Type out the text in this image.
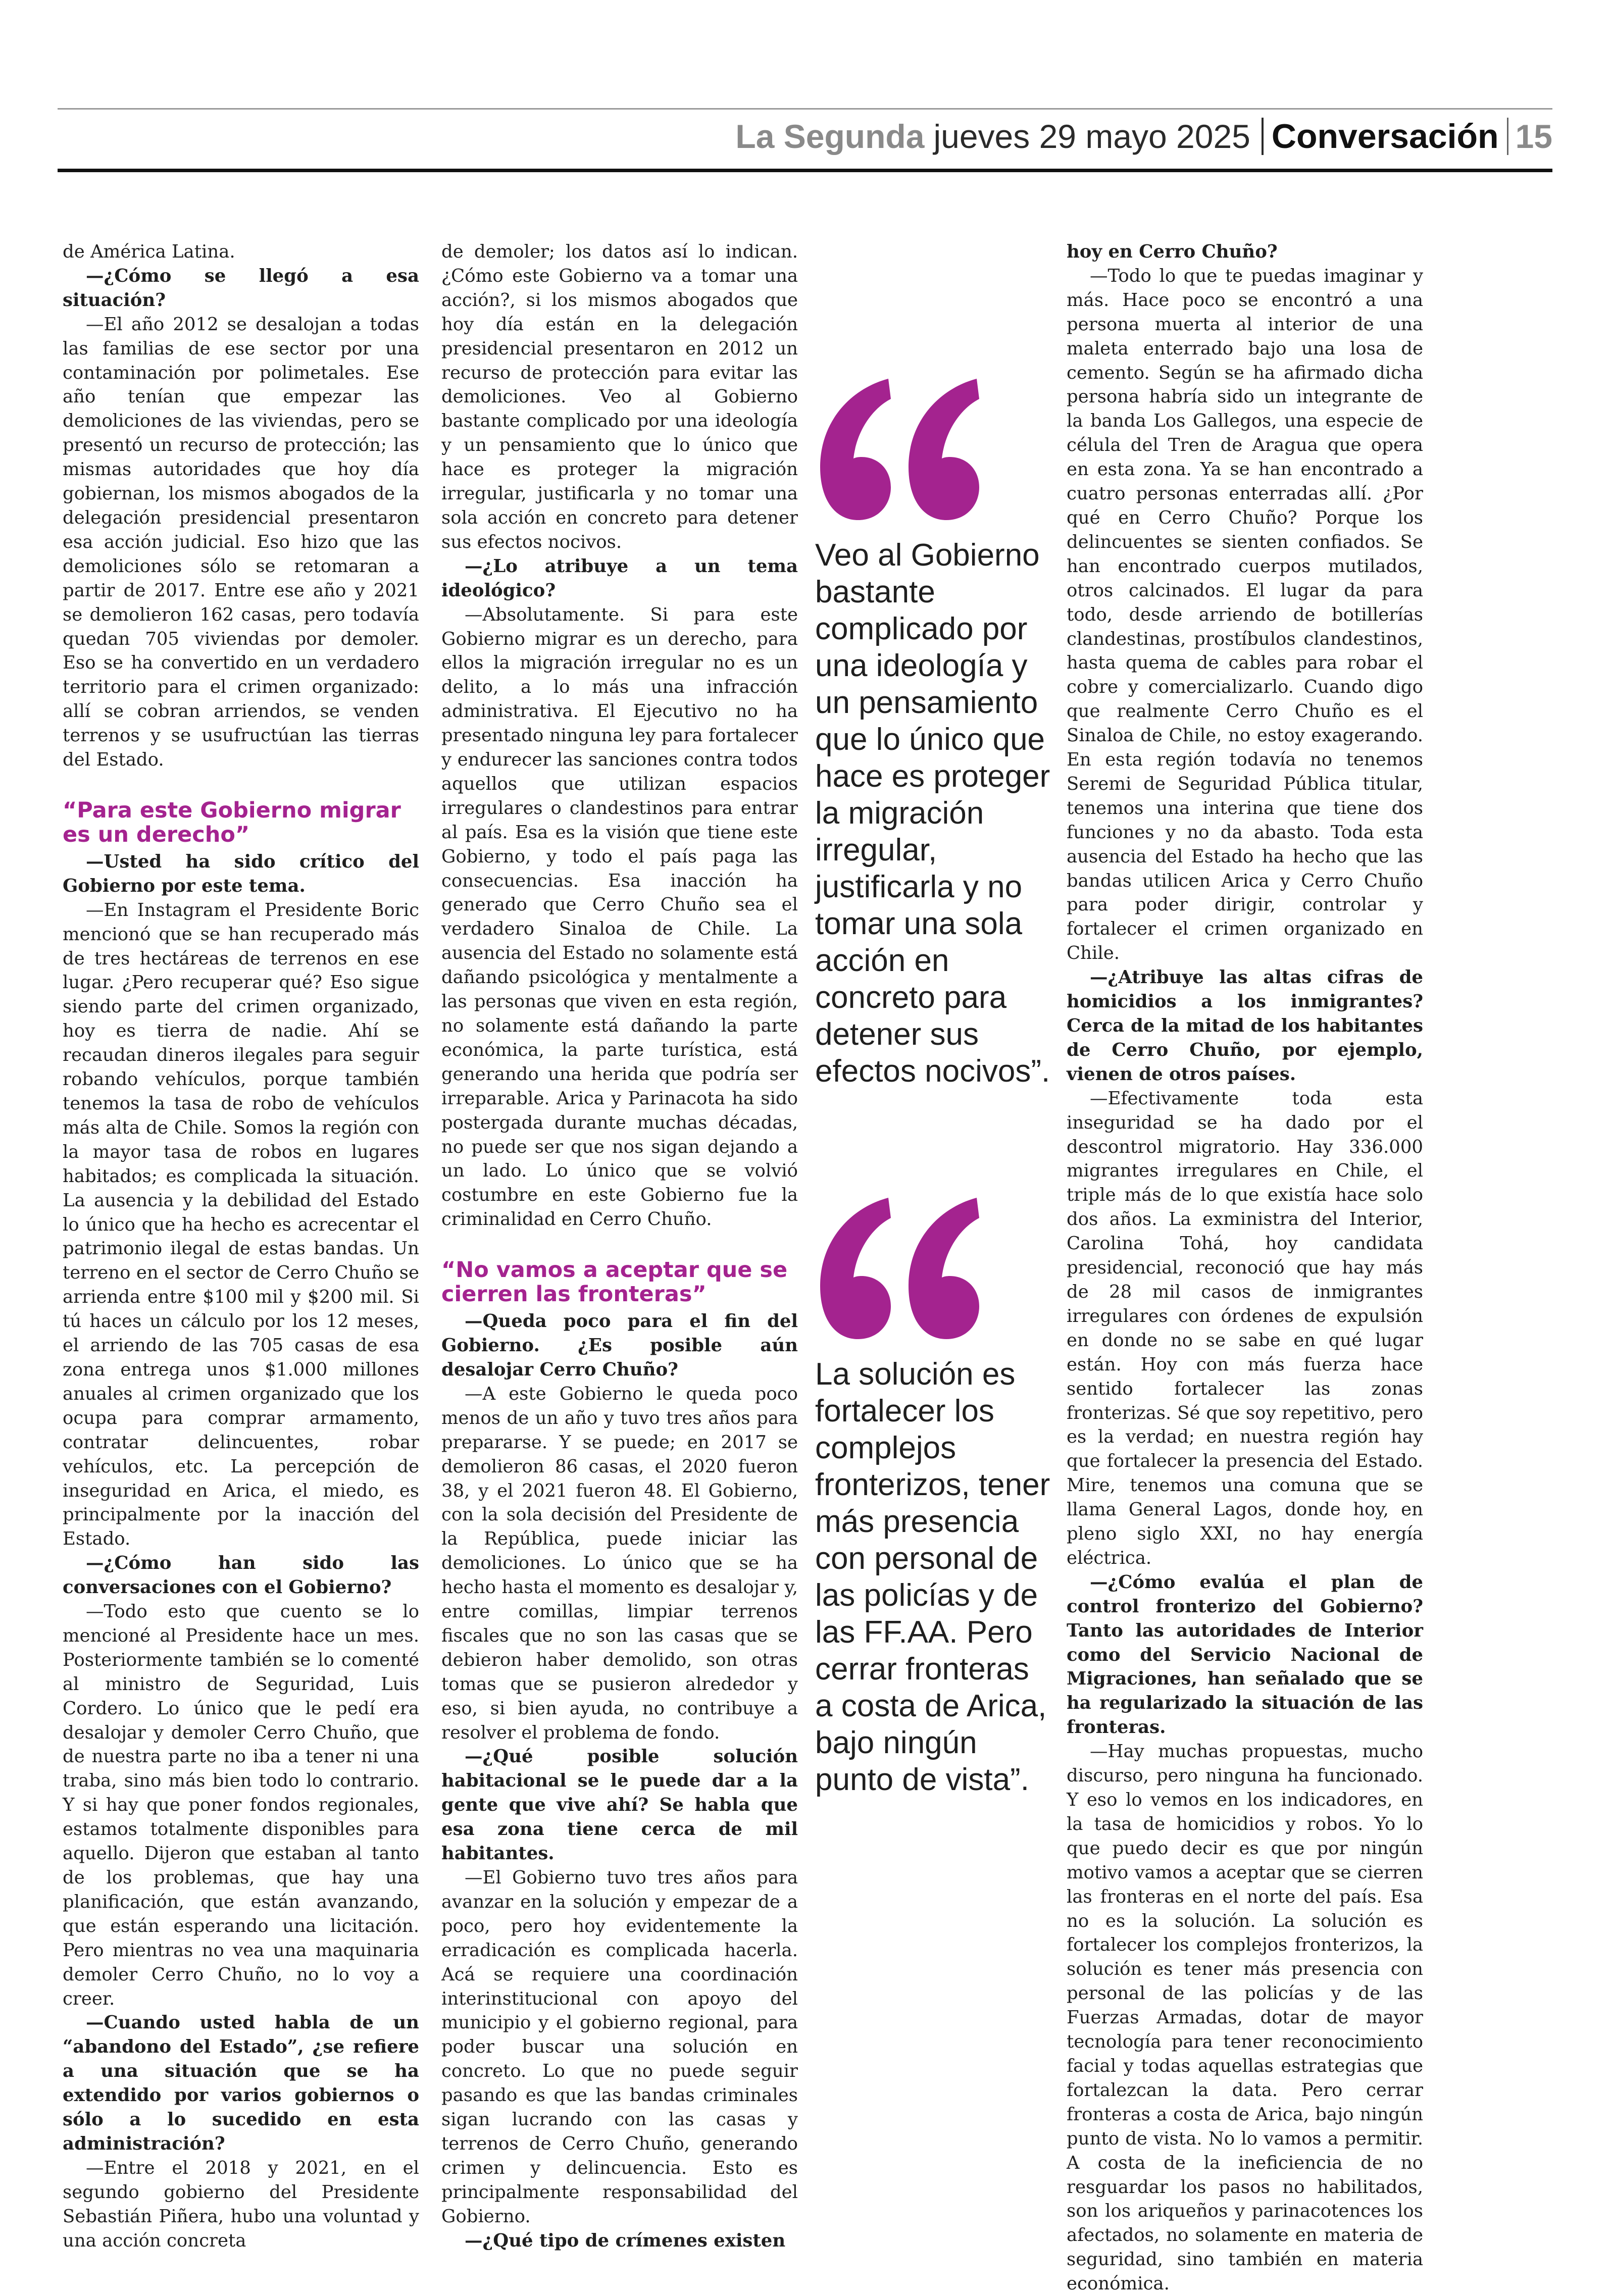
La Segunda jueves 29 mayo 2025 Conversación 15

de América Latina.

—¿Cómo se llegó a esa situación?

—El año 2012 se desalojan a todas las familias de ese sector por una contaminación por polimetales. Ese año tenían que empezar las demoliciones de las viviendas, pero se presentó un recurso de protección; las mismas autoridades que hoy día gobiernan, los mismos abogados de la delegación presidencial presentaron esa acción judicial. Eso hizo que las demoliciones sólo se retomaran a partir de 2017. Entre ese año y 2021 se demolieron 162 casas, pero todavía quedan 705 viviendas por demoler. Eso se ha convertido en un verdadero territorio para el crimen organizado: allí se cobran arriendos, se venden terrenos y se usufructúan las tierras del Estado.

“Para este Gobierno migrar es un derecho”

—Usted ha sido crítico del Gobierno por este tema.

—En Instagram el Presidente Boric mencionó que se han recuperado más de tres hectáreas de terrenos en ese lugar. ¿Pero recuperar qué? Eso sigue siendo parte del crimen organizado, hoy es tierra de nadie. Ahí se recaudan dineros ilegales para seguir robando vehículos, porque también tenemos la tasa de robo de vehículos más alta de Chile. Somos la región con la mayor tasa de robos en lugares habitados; es complicada la situación. La ausencia y la debilidad del Estado lo único que ha hecho es acrecentar el patrimonio ilegal de estas bandas. Un terreno en el sector de Cerro Chuño se arrienda entre $100 mil y $200 mil. Si tú haces un cálculo por los 12 meses, el arriendo de las 705 casas de esa zona entrega unos $1.000 millones anuales al crimen organizado que los ocupa para comprar armamento, contratar delincuentes, robar vehículos, etc. La percepción de inseguridad en Arica, el miedo, es principalmente por la inacción del Estado.

—¿Cómo han sido las conversaciones con el Gobierno?

—Todo esto que cuento se lo mencioné al Presidente hace un mes. Posteriormente también se lo comenté al ministro de Seguridad, Luis Cordero. Lo único que le pedí era desalojar y demoler Cerro Chuño, que de nuestra parte no iba a tener ni una traba, sino más bien todo lo contrario. Y si hay que poner fondos regionales, estamos totalmente disponibles para aquello. Dijeron que estaban al tanto de los problemas, que hay una planificación, que están avanzando, que están esperando una licitación. Pero mientras no vea una maquinaria demoler Cerro Chuño, no lo voy a creer.

—Cuando usted habla de un “abandono del Estado”, ¿se refiere a una situación que se ha extendido por varios gobiernos o sólo a lo sucedido en esta administración?

—Entre el 2018 y 2021, en el segundo gobierno del Presidente Sebastián Piñera, hubo una voluntad y una acción concreta

de demoler; los datos así lo indican. ¿Cómo este Gobierno va a tomar una acción?, si los mismos abogados que hoy día están en la delegación presidencial presentaron en 2012 un recurso de protección para evitar las demoliciones. Veo al Gobierno bastante complicado por una ideología y un pensamiento que lo único que hace es proteger la migración irregular, justificarla y no tomar una sola acción en concreto para detener sus efectos nocivos.

—¿Lo atribuye a un tema ideológico?

—Absolutamente. Si para este Gobierno migrar es un derecho, para ellos la migración irregular no es un delito, a lo más una infracción administrativa. El Ejecutivo no ha presentado ninguna ley para fortalecer y endurecer las sanciones contra todos aquellos que utilizan espacios irregulares o clandestinos para entrar al país. Esa es la visión que tiene este Gobierno, y todo el país paga las consecuencias. Esa inacción ha generado que Cerro Chuño sea el verdadero Sinaloa de Chile. La ausencia del Estado no solamente está dañando psicológica y mentalmente a las personas que viven en esta región, no solamente está dañando la parte económica, la parte turística, está generando una herida que podría ser irreparable. Arica y Parinacota ha sido postergada durante muchas décadas, no puede ser que nos sigan dejando a un lado. Lo único que se volvió costumbre en este Gobierno fue la criminalidad en Cerro Chuño.

“No vamos a aceptar que se cierren las fronteras”

—Queda poco para el fin del Gobierno. ¿Es posible aún desalojar Cerro Chuño?

—A este Gobierno le queda poco menos de un año y tuvo tres años para prepararse. Y se puede; en 2017 se demolieron 86 casas, el 2020 fueron 38, y el 2021 fueron 48. El Gobierno, con la sola decisión del Presidente de la República, puede iniciar las demoliciones. Lo único que se ha hecho hasta el momento es desalojar y, entre comillas, limpiar terrenos fiscales que no son las casas que se debieron haber demolido, son otras tomas que se pusieron alrededor y eso, si bien ayuda, no contribuye a resolver el problema de fondo.

—¿Qué posible solución habitacional se le puede dar a la gente que vive ahí? Se habla que esa zona tiene cerca de mil habitantes.

—El Gobierno tuvo tres años para avanzar en la solución y empezar de a poco, pero hoy evidentemente la erradicación es complicada hacerla. Acá se requiere una coordinación interinstitucional con apoyo del municipio y el gobierno regional, para poder buscar una solución en concreto. Lo que no puede seguir pasando es que las bandas criminales sigan lucrando con las casas y terrenos de Cerro Chuño, generando crimen y delincuencia. Esto es principalmente responsabilidad del Gobierno.

—¿Qué tipo de crímenes existen

Veo al Gobierno bastante complicado por una ideología y un pensamiento que lo único que hace es proteger la migración irregular, justificarla y no tomar una sola acción en concreto para detener sus efectos nocivos”.
La solución es fortalecer los complejos fronterizos, tener más presencia con personal de las policías y de las FF.AA. Pero cerrar fronteras a costa de Arica, bajo ningún punto de vista”.

hoy en Cerro Chuño?

—Todo lo que te puedas imaginar y más. Hace poco se encontró a una persona muerta al interior de una maleta enterrado bajo una losa de cemento. Según se ha afirmado dicha persona habría sido un integrante de la banda Los Gallegos, una especie de célula del Tren de Aragua que opera en esta zona. Ya se han encontrado a cuatro personas enterradas allí. ¿Por qué en Cerro Chuño? Porque los delincuentes se sienten confiados. Se han encontrado cuerpos mutilados, otros calcinados. El lugar da para todo, desde arriendo de botillerías clandestinas, prostíbulos clandestinos, hasta quema de cables para robar el cobre y comercializarlo. Cuando digo que realmente Cerro Chuño es el Sinaloa de Chile, no estoy exagerando. En esta región todavía no tenemos Seremi de Seguridad Pública titular, tenemos una interina que tiene dos funciones y no da abasto. Toda esta ausencia del Estado ha hecho que las bandas utilicen Arica y Cerro Chuño para poder dirigir, controlar y fortalecer el crimen organizado en Chile.

—¿Atribuye las altas cifras de homicidios a los inmigrantes? Cerca de la mitad de los habitantes de Cerro Chuño, por ejemplo, vienen de otros países.

—Efectivamente toda esta inseguridad se ha dado por el descontrol migratorio. Hay 336.000 migrantes irregulares en Chile, el triple más de lo que existía hace solo dos años. La exministra del Interior, Carolina Tohá, hoy candidata presidencial, reconoció que hay más de 28 mil casos de inmigrantes irregulares con órdenes de expulsión en donde no se sabe en qué lugar están. Hoy con más fuerza hace sentido fortalecer las zonas fronterizas. Sé que soy repetitivo, pero es la verdad; en nuestra región hay que fortalecer la presencia del Estado. Mire, tenemos una comuna que se llama General Lagos, donde hoy, en pleno siglo XXI, no hay energía eléctrica.

—¿Cómo evalúa el plan de control fronterizo del Gobierno? Tanto las autoridades de Interior como del Servicio Nacional de Migraciones, han señalado que se ha regularizado la situación de las fronteras.

—Hay muchas propuestas, mucho discurso, pero ninguna ha funcionado. Y eso lo vemos en los indicadores, en la tasa de homicidios y robos. Yo lo que puedo decir es que por ningún motivo vamos a aceptar que se cierren las fronteras en el norte del país. Esa no es la solución. La solución es fortalecer los complejos fronterizos, la solución es tener más presencia con personal de las policías y de las Fuerzas Armadas, dotar de mayor tecnología para tener reconocimiento facial y todas aquellas estrategias que fortalezcan la data. Pero cerrar fronteras a costa de Arica, bajo ningún punto de vista. No lo vamos a permitir. A costa de la ineficiencia de no resguardar los pasos no habilitados, son los ariqueños y parinacotences los afectados, no solamente en materia de seguridad, sino también en materia económica.
